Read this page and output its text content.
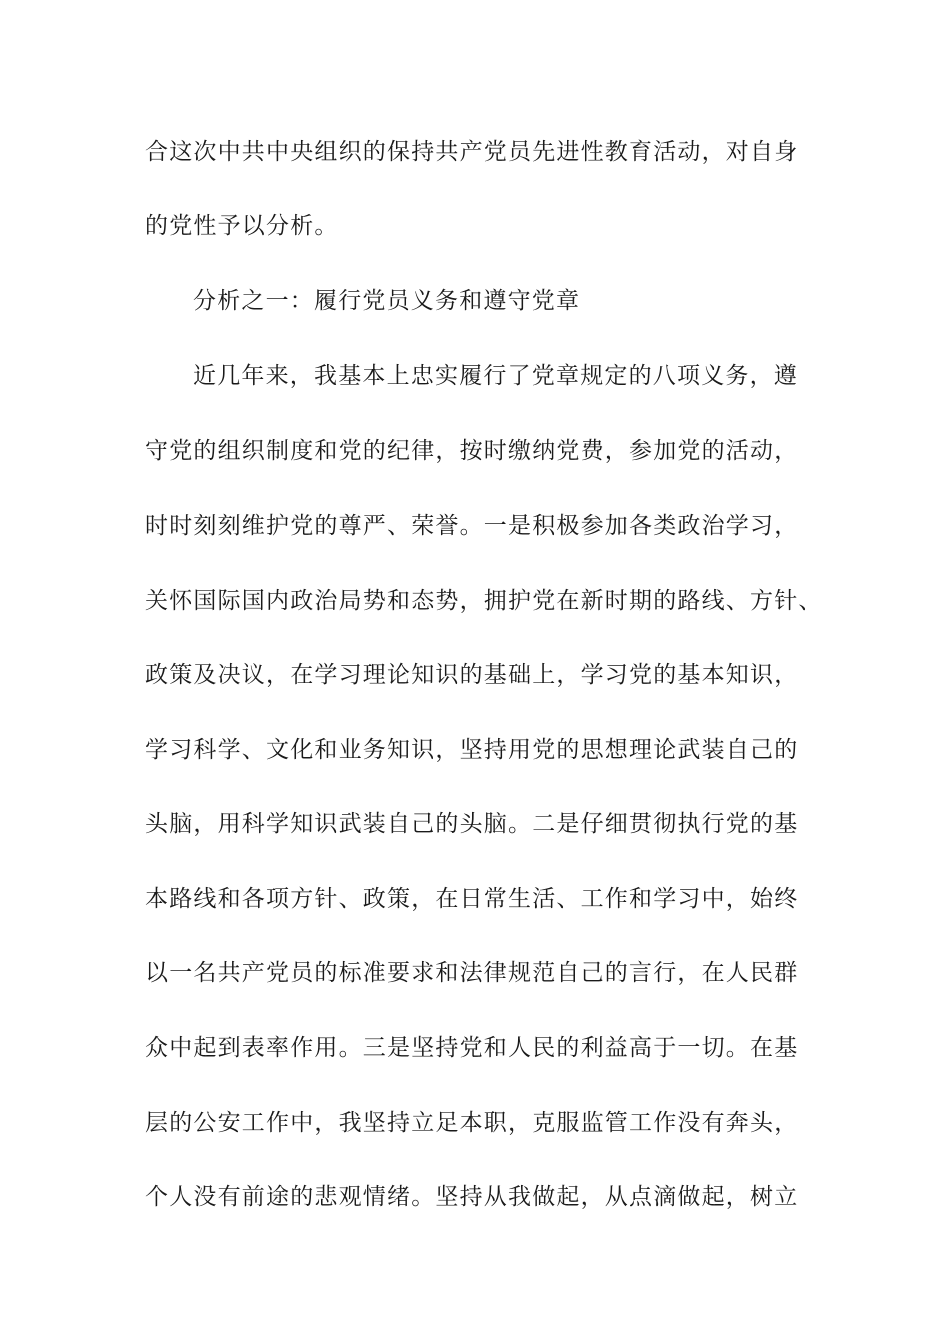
合这次中共中央组织的保持共产党员先进性教育活动，对自身
的党性予以分析。
分析之一：履行党员义务和遵守党章
近几年来，我基本上忠实履行了党章规定的八项义务，遵
守党的组织制度和党的纪律，按时缴纳党费，参加党的活动，
时时刻刻维护党的尊严、荣誉。一是积极参加各类政治学习，
关怀国际国内政治局势和态势，拥护党在新时期的路线、方针、
政策及决议，在学习理论知识的基础上，学习党的基本知识，
学习科学、文化和业务知识，坚持用党的思想理论武装自己的
头脑，用科学知识武装自己的头脑。二是仔细贯彻执行党的基
本路线和各项方针、政策，在日常生活、工作和学习中，始终
以一名共产党员的标准要求和法律规范自己的言行，在人民群
众中起到表率作用。三是坚持党和人民的利益高于一切。在基
层的公安工作中，我坚持立足本职，克服监管工作没有奔头，
个人没有前途的悲观情绪。坚持从我做起，从点滴做起，树立
